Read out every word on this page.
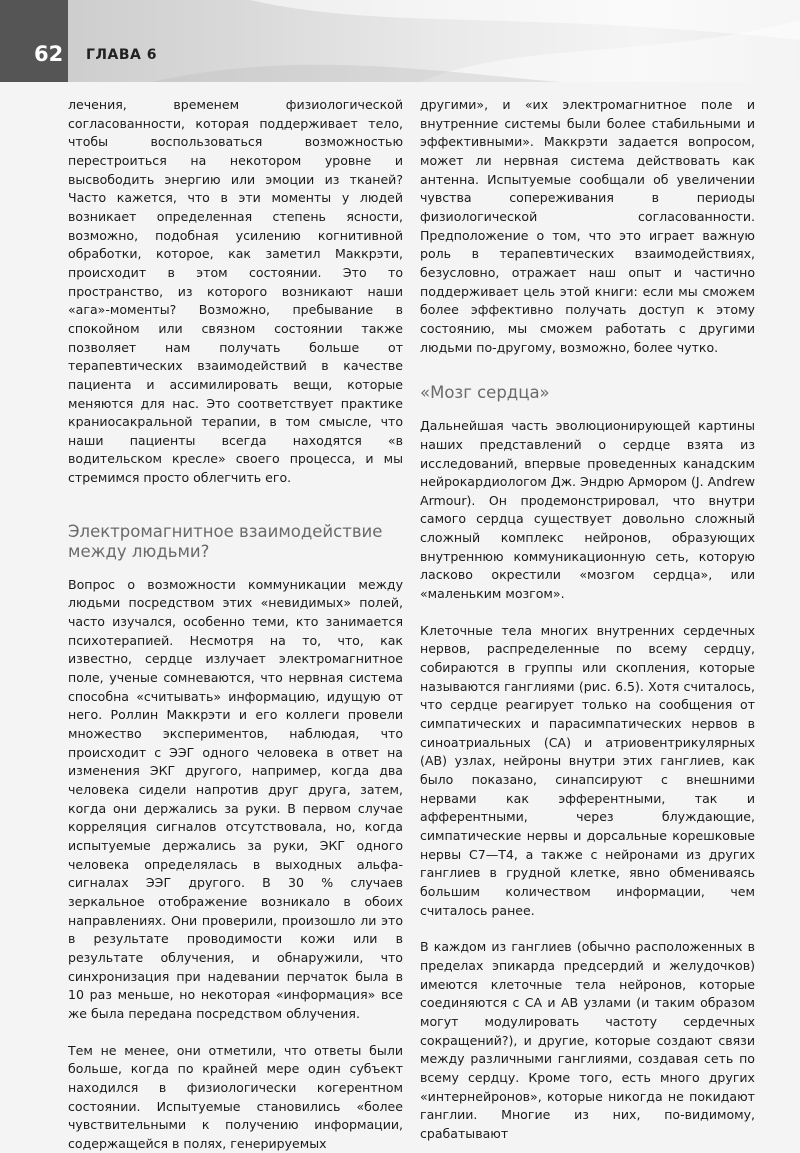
62 ГЛАВА 6

лечения, временем физиологической согласованности, которая поддерживает тело, чтобы воспользоваться возможностью перестроиться на некотором уровне и высвободить энергию или эмоции из тканей? Часто кажется, что в эти моменты у людей возникает определенная степень ясности, возможно, подобная усилению когнитивной обработки, которое, как заметил Маккрэти, происходит в этом состоянии. Это то пространство, из которого возникают наши «ага»-моменты? Возможно, пребывание в спокойном или связном состоянии также позволяет нам получать больше от терапевтических взаимодействий в качестве пациента и ассимилировать вещи, которые меняются для нас. Это соответствует практике краниосакральной терапии, в том смысле, что наши пациенты всегда находятся «в водительском кресле» своего процесса, и мы стремимся просто облегчить его.

Электромагнитное взаимодействие
между людьми?

Вопрос о возможности коммуникации между людьми посредством этих «невидимых» полей, часто изучался, особенно теми, кто занимается психотерапией. Несмотря на то, что, как известно, сердце излучает электромагнитное поле, ученые сомневаются, что нервная система способна «считывать» информацию, идущую от него. Роллин Маккрэти и его коллеги провели множество экспериментов, наблюдая, что происходит с ЭЭГ одного человека в ответ на изменения ЭКГ другого, например, когда два человека сидели напротив друг друга, затем, когда они держались за руки. В первом случае корреляция сигналов отсутствовала, но, когда испытуемые держались за руки, ЭКГ одного человека определялась в выходных альфа-сигналах ЭЭГ другого. В 30 % случаев зеркальное отображение возникало в обоих направлениях. Они проверили, произошло ли это в результате проводимости кожи или в результате облучения, и обнаружили, что синхронизация при надевании перчаток была в 10 раз меньше, но некоторая «информация» все же была передана посредством облучения.

Тем не менее, они отметили, что ответы были больше, когда по крайней мере один субъект находился в физиологически когерентном состоянии. Испытуемые становились «более чувствительными к получению информации, содержащейся в полях, генерируемых

другими», и «их электромагнитное поле и внутренние системы были более стабильными и эффективными». Маккрэти задается вопросом, может ли нервная система действовать как антенна. Испытуемые сообщали об увеличении чувства сопереживания в периоды физиологической согласованности. Предположение о том, что это играет важную роль в терапевтических взаимодействиях, безусловно, отражает наш опыт и частично поддерживает цель этой книги: если мы сможем более эффективно получать доступ к этому состоянию, мы сможем работать с другими людьми по-другому, возможно, более чутко.

«Мозг сердца»

Дальнейшая часть эволюционирующей картины наших представлений о сердце взята из исследований, впервые проведенных канадским нейрокардиологом Дж. Эндрю Армором (J. Andrew Armour). Он продемонстрировал, что внутри самого сердца существует довольно сложный сложный комплекс нейронов, образующих внутреннюю коммуникационную сеть, которую ласково окрестили «мозгом сердца», или «маленьким мозгом».

Клеточные тела многих внутренних сердечных нервов, распределенные по всему сердцу, собираются в группы или скопления, которые называются ганглиями (рис. 6.5). Хотя считалось, что сердце реагирует только на сообщения от симпатических и парасимпатических нервов в синоатриальных (СА) и атриовентрикулярных (АВ) узлах, нейроны внутри этих ганглиев, как было показано, синапсируют с внешними нервами как эфферентными, так и афферентными, через блуждающие, симпатические нервы и дорсальные корешковые нервы С7—Т4, а также с нейронами из других ганглиев в грудной клетке, явно обмениваясь большим количеством информации, чем считалось ранее.

В каждом из ганглиев (обычно расположенных в пределах эпикарда предсердий и желудочков) имеются клеточные тела нейронов, которые соединяются с СА и АВ узлами (и таким образом могут модулировать частоту сердечных сокращений?), и другие, которые создают связи между различными ганглиями, создавая сеть по всему сердцу. Кроме того, есть много других «интернейронов», которые никогда не покидают ганглии. Многие из них, по-видимому, срабатывают
